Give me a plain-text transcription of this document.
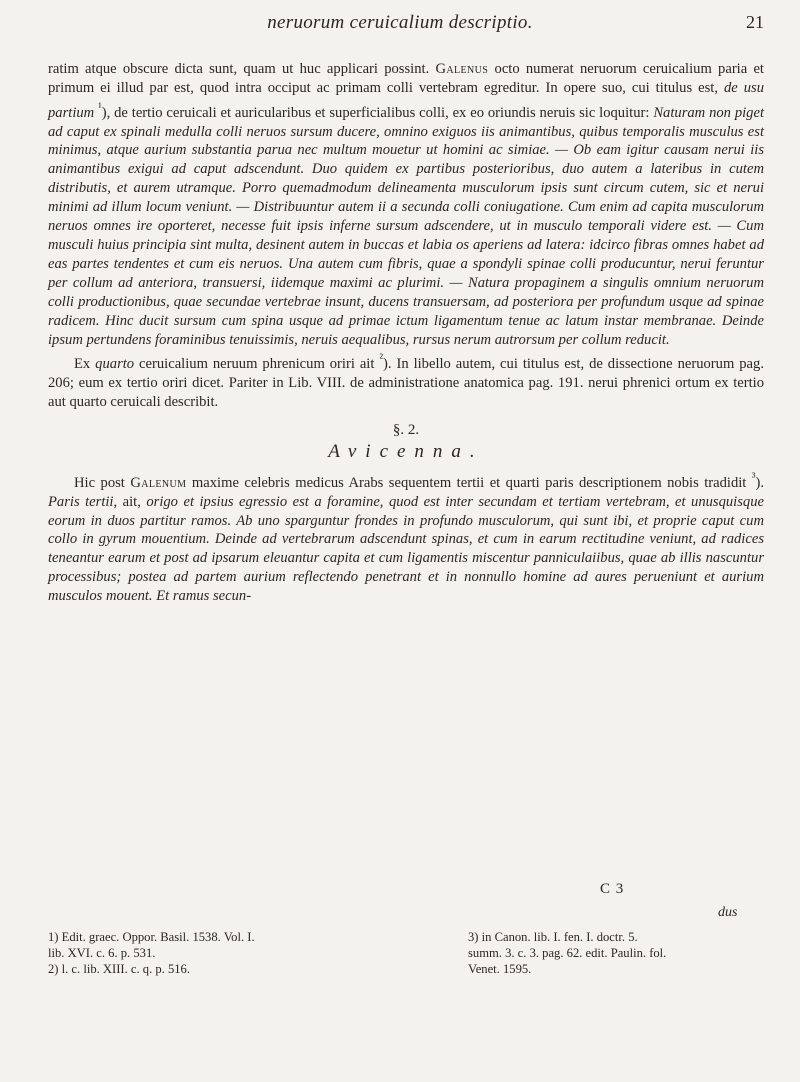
neruorum ceruicalium descriptio.	21

ratim atque obscure dicta sunt, quam ut huc applicari possint. Galenus octo numerat neruorum ceruicalium paria et primum ei illud par est, quod intra occiput ac primam colli vertebram egreditur. In opere suo, cui titulus est, de usu partium $^{^1}$), de tertio ceruicali et auricularibus et superficialibus colli, ex eo oriundis neruis sic loquitur: Naturam non piget ad caput ex spinali medulla colli neruos sursum ducere, omnino exiguos iis animantibus, quibus temporalis musculus est minimus, atque aurium substantia parua nec multum mouetur ut homini ac simiae. — Ob eam igitur causam nerui iis animantibus exigui ad caput adscendunt. Duo quidem ex partibus posterioribus, duo autem a lateribus in cutem distributis, et aurem utramque. Porro quemadmodum delineamenta musculorum ipsis sunt circum cutem, sic et nerui minimi ad illum locum veniunt. — Distribuuntur autem ii a secunda colli coniugatione. Cum enim ad capita musculorum neruos omnes ire oporteret, necesse fuit ipsis inferne sursum adscendere, ut in musculo temporali videre est. — Cum musculi huius principia sint multa, desinent autem in buccas et labia os aperiens ad latera: idcirco fibras omnes habet ad eas partes tendentes et cum eis neruos. Una autem cum fibris, quae a spondyli spinae colli producuntur, nerui feruntur per collum ad anteriora, transuersi, iidemque maximi ac plurimi. — Natura propaginem a singulis omnium neruorum colli productionibus, quae secundae vertebrae insunt, ducens transuersam, ad posteriora per profundum usque ad spinae radicem. Hinc ducit sursum cum spina usque ad primae ictum ligamentum tenue ac latum instar membranae. Deinde ipsum pertundens foraminibus tenuissimis, neruis aequalibus, rursus nerum autrorsum per collum reducit.

Ex quarto ceruicalium neruum phrenicum oriri ait $^{^2}$). In libello autem, cui titulus est, de dissectione neruorum pag. 206; eum ex tertio oriri dicet. Pariter in Lib. VIII. de administratione anatomica pag. 191. nerui phrenici ortum ex tertio aut quarto ceruicali describit.

§. 2.
Avicenna.

Hic post Galenum maxime celebris medicus Arabs sequentem tertii et quarti paris descriptionem nobis tradidit $^{^3}$). Paris tertii, ait, origo et ipsius egressio est a foramine, quod est inter secundam et tertiam vertebram, et unusquisque eorum in duos partitur ramos. Ab uno sparguntur frondes in profundo musculorum, qui sunt ibi, et proprie caput cum collo in gyrum mouentium. Deinde ad vertebrarum adscendunt spinas, et cum in earum rectitudine veniunt, ad radices teneantur earum et post ad ipsarum eleuantur capita et cum ligamentis miscentur panniculaiibus, quae ab illis nascuntur processibus; postea ad partem aurium reflectendo penetrant et in nonnullo homine ad aures perueniunt et aurium musculos mouent. Et ramus secun-

C 3
dus
1) Edit. graec. Oppor. Basil. 1538. Vol. I.
lib. XVI. c. 6. p. 531.
2) l. c. lib. XIII. c. q. p. 516.
3) in Canon. lib. I. fen. I. doctr. 5.
summ. 3. c. 3. pag. 62. edit. Paulin. fol.
Venet. 1595.
